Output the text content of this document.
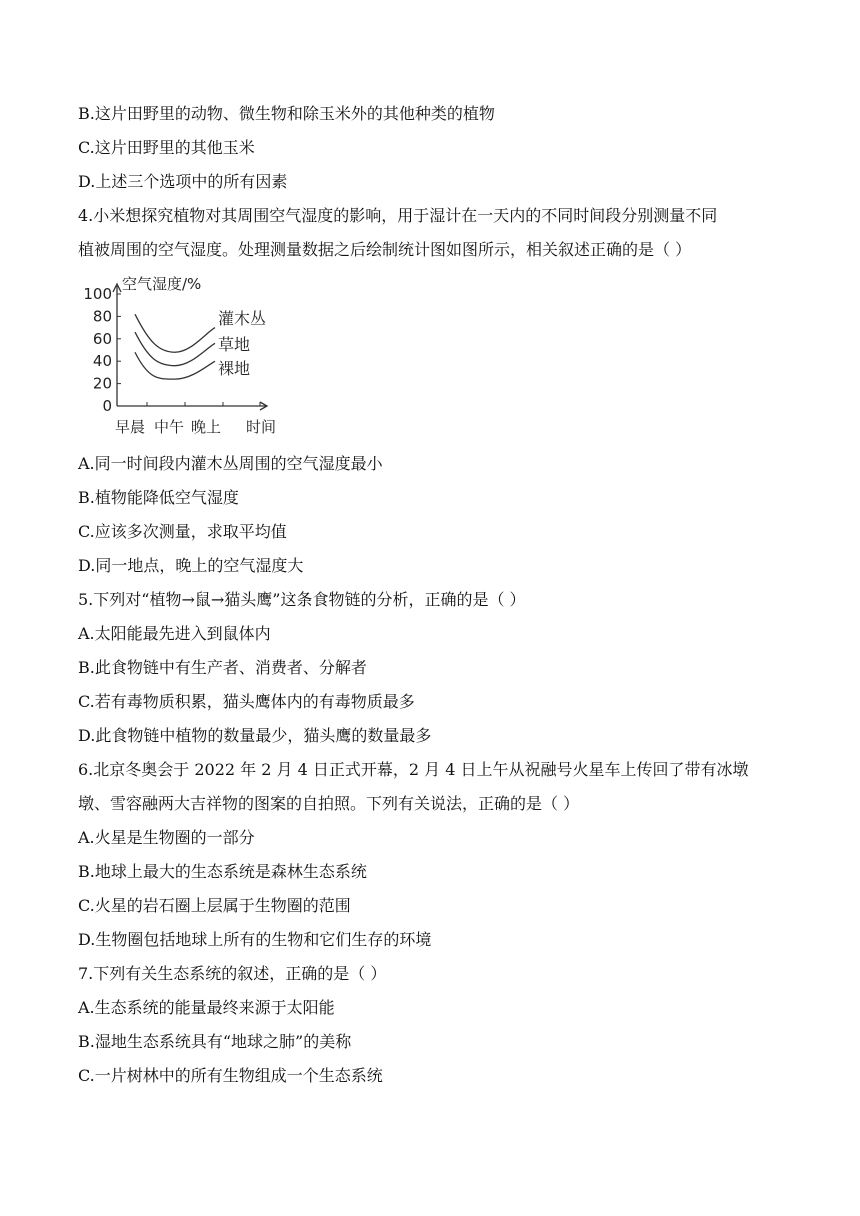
B.这片田野里的动物、微生物和除玉米外的其他种类的植物
C.这片田野里的其他玉米
D.上述三个选项中的所有因素
4.小米想探究植物对其周围空气湿度的影响，用于湿计在一天内的不同时间段分别测量不同
植被周围的空气湿度。处理测量数据之后绘制统计图如图所示，相关叙述正确的是（ ）
100
80
60
40
20
0
空气湿度/%
早晨 中午 晚上 时间
灌木丛
草地
裸地
A.同一时间段内灌木丛周围的空气湿度最小
B.植物能降低空气湿度
C.应该多次测量，求取平均值
D.同一地点，晚上的空气湿度大
5.下列对“植物→鼠→猫头鹰”这条食物链的分析，正确的是（ ）
A.太阳能最先进入到鼠体内
B.此食物链中有生产者、消费者、分解者
C.若有毒物质积累，猫头鹰体内的有毒物质最多
D.此食物链中植物的数量最少，猫头鹰的数量最多
6.北京冬奥会于 2022 年 2 月 4 日正式开幕，2 月 4 日上午从祝融号火星车上传回了带有冰墩
墩、雪容融两大吉祥物的图案的自拍照。下列有关说法，正确的是（ ）
A.火星是生物圈的一部分
B.地球上最大的生态系统是森林生态系统
C.火星的岩石圈上层属于生物圈的范围
D.生物圈包括地球上所有的生物和它们生存的环境
7.下列有关生态系统的叙述，正确的是（ ）
A.生态系统的能量最终来源于太阳能
B.湿地生态系统具有“地球之肺”的美称
C.一片树林中的所有生物组成一个生态系统
